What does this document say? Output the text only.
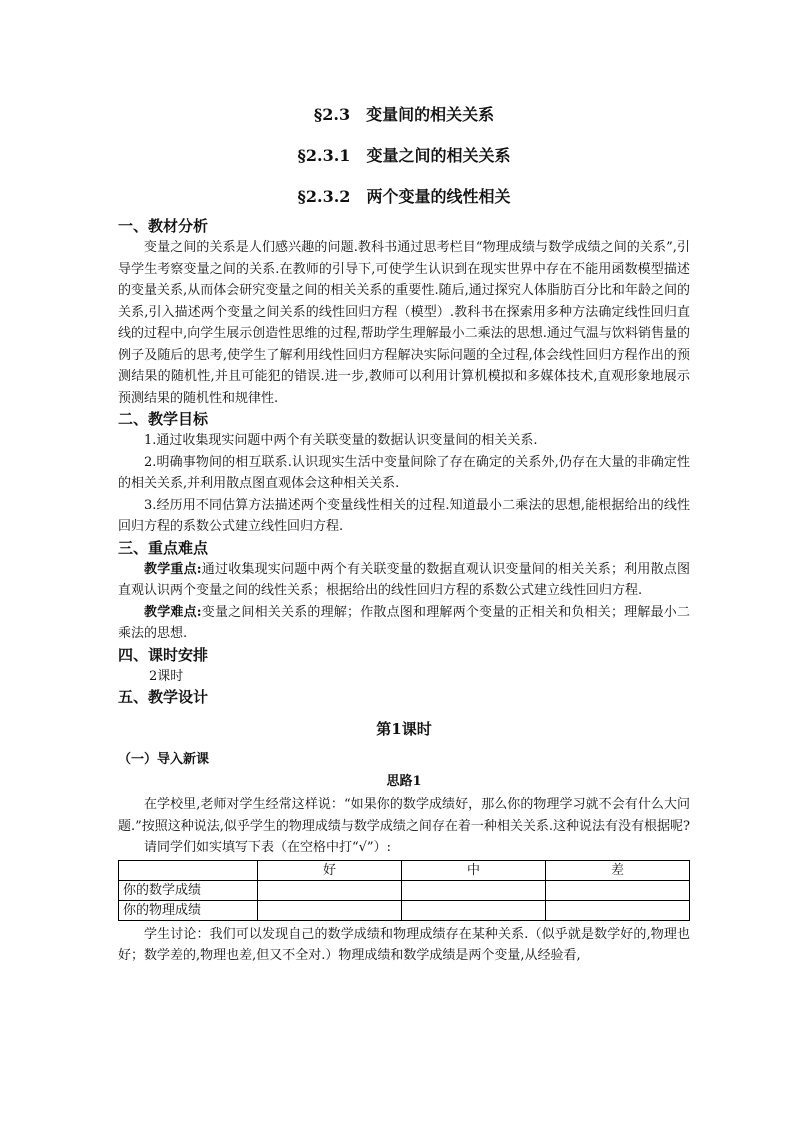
§2.3　变量间的相关关系

§2.3.1　变量之间的相关关系

§2.3.2　两个变量的线性相关

一、教材分析

变量之间的关系是人们感兴趣的问题.教科书通过思考栏目“物理成绩与数学成绩之间的关系”,引导学生考察变量之间的关系.在教师的引导下,可使学生认识到在现实世界中存在不能用函数模型描述的变量关系,从而体会研究变量之间的相关关系的重要性.随后,通过探究人体脂肪百分比和年龄之间的关系,引入描述两个变量之间关系的线性回归方程（模型）.教科书在探索用多种方法确定线性回归直线的过程中,向学生展示创造性思维的过程,帮助学生理解最小二乘法的思想.通过气温与饮料销售量的例子及随后的思考,使学生了解利用线性回归方程解决实际问题的全过程,体会线性回归方程作出的预测结果的随机性,并且可能犯的错误.进一步,教师可以利用计算机模拟和多媒体技术,直观形象地展示预测结果的随机性和规律性.

二、教学目标

1.通过收集现实问题中两个有关联变量的数据认识变量间的相关关系.

2.明确事物间的相互联系.认识现实生活中变量间除了存在确定的关系外,仍存在大量的非确定性的相关关系,并利用散点图直观体会这种相关关系.

3.经历用不同估算方法描述两个变量线性相关的过程.知道最小二乘法的思想,能根据给出的线性回归方程的系数公式建立线性回归方程.

三、重点难点

教学重点:通过收集现实问题中两个有关联变量的数据直观认识变量间的相关关系；利用散点图直观认识两个变量之间的线性关系；根据给出的线性回归方程的系数公式建立线性回归方程.

教学难点:变量之间相关关系的理解；作散点图和理解两个变量的正相关和负相关；理解最小二乘法的思想.

四、课时安排

2课时

五、教学设计

第1课时

（一）导入新课

思路1

在学校里,老师对学生经常这样说：“如果你的数学成绩好，那么你的物理学习就不会有什么大问题.”按照这种说法,似乎学生的物理成绩与数学成绩之间存在着一种相关关系.这种说法有没有根据呢?

请同学们如实填写下表（在空格中打“√”）:

	好	中	差
你的数学成绩			
你的物理成绩			

学生讨论：我们可以发现自己的数学成绩和物理成绩存在某种关系.（似乎就是数学好的,物理也好；数学差的,物理也差,但又不全对.）物理成绩和数学成绩是两个变量,从经验看,
